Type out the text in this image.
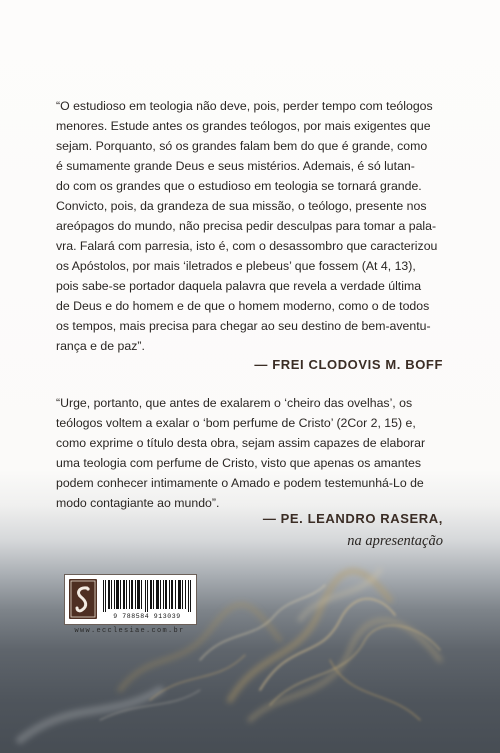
“O estudioso em teologia não deve, pois, perder tempo com teólogos
menores. Estude antes os grandes teólogos, por mais exigentes que
sejam. Porquanto, só os grandes falam bem do que é grande, como
é sumamente grande Deus e seus mistérios. Ademais, é só lutan-
do com os grandes que o estudioso em teologia se tornará grande.
Convicto, pois, da grandeza de sua missão, o teólogo, presente nos
areópagos do mundo, não precisa pedir desculpas para tomar a pala-
vra. Falará com parresia, isto é, com o desassombro que caracterizou
os Apóstolos, por mais ‘iletrados e plebeus’ que fossem (At 4, 13),
pois sabe-se portador daquela palavra que revela a verdade última
de Deus e do homem e de que o homem moderno, como o de todos
os tempos, mais precisa para chegar ao seu destino de bem-aventu-
rança e de paz”.

— FREI CLODOVIS M. BOFF

“Urge, portanto, que antes de exalarem o ‘cheiro das ovelhas’, os
teólogos voltem a exalar o ‘bom perfume de Cristo’ (2Cor 2, 15) e,
como exprime o título desta obra, sejam assim capazes de elaborar
uma teologia com perfume de Cristo, visto que apenas os amantes
podem conhecer intimamente o Amado e podem testemunhá-Lo de
modo contagiante ao mundo”.

— PE. LEANDRO RASERA,

na apresentação

9 788584 913039
www.ecclesiae.com.br
